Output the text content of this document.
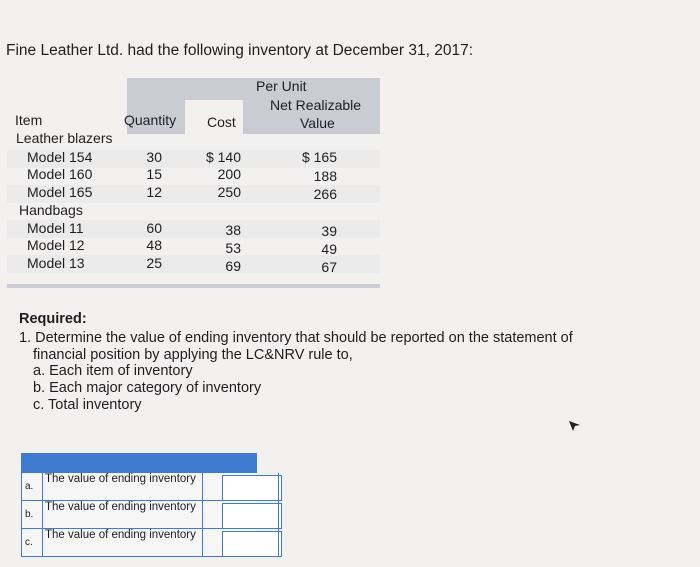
Fine Leather Ltd. had the following inventory at December 31, 2017:
Item	Quantity Cost
Per Unit
Net Realizable
Value
Leather blazers
Model 154	30	$ 140	$ 165
Model 160	15	200	188
Model 165	12	250	266
Handbags
Model 11	60	38	39
Model 12	48	53	49
Model 13	25	69	67
Required:
1. Determine the value of ending inventory that should be reported on the statement of
financial position by applying the LC&NRV rule to,
a. Each item of inventory
b. Each major category of inventory
c. Total inventory
a.
The value of ending inventory
b.
The value of ending inventory
c.
The value of ending inventory
